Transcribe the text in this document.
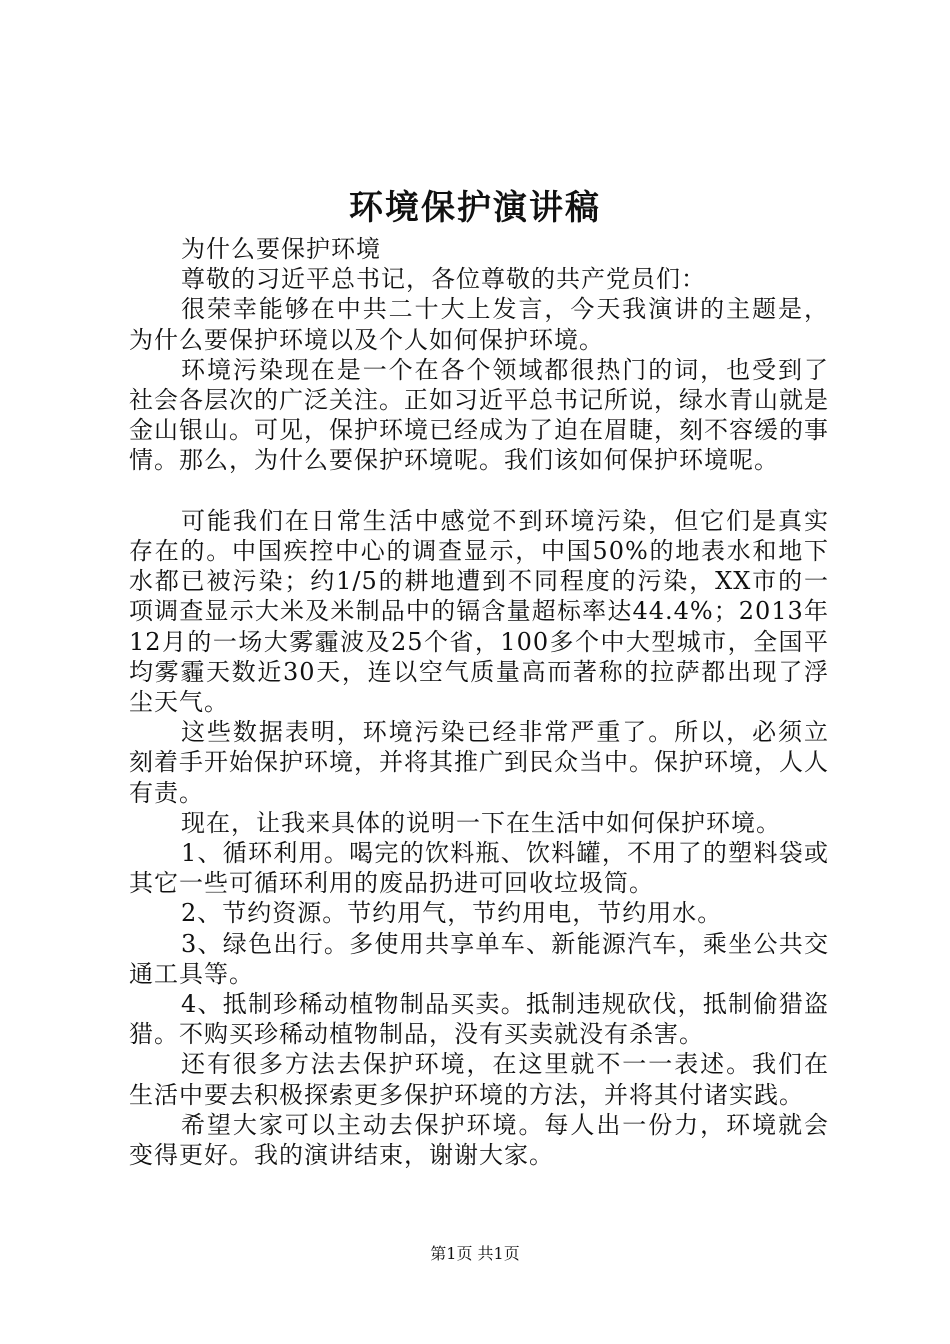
环境保护演讲稿

为什么要保护环境

尊敬的习近平总书记，各位尊敬的共产党员们：

很荣幸能够在中共二十大上发言，今天我演讲的主题是，为什么要保护环境以及个人如何保护环境。

环境污染现在是一个在各个领域都很热门的词，也受到了社会各层次的广泛关注。正如习近平总书记所说，绿水青山就是金山银山。可见，保护环境已经成为了迫在眉睫，刻不容缓的事情。那么，为什么要保护环境呢。我们该如何保护环境呢。

可能我们在日常生活中感觉不到环境污染，但它们是真实存在的。中国疾控中心的调查显示，中国50%的地表水和地下水都已被污染；约1/5的耕地遭到不同程度的污染，XX市的一项调查显示大米及米制品中的镉含量超标率达44.4%；2013年12月的一场大雾霾波及25个省，100多个中大型城市，全国平均雾霾天数近30天，连以空气质量高而著称的拉萨都出现了浮尘天气。

这些数据表明，环境污染已经非常严重了。所以，必须立刻着手开始保护环境，并将其推广到民众当中。保护环境，人人有责。

现在，让我来具体的说明一下在生活中如何保护环境。

1、循环利用。喝完的饮料瓶、饮料罐，不用了的塑料袋或其它一些可循环利用的废品扔进可回收垃圾筒。

2、节约资源。节约用气，节约用电，节约用水。

3、绿色出行。多使用共享单车、新能源汽车，乘坐公共交通工具等。

4、抵制珍稀动植物制品买卖。抵制违规砍伐，抵制偷猎盗猎。不购买珍稀动植物制品，没有买卖就没有杀害。

还有很多方法去保护环境，在这里就不一一表述。我们在生活中要去积极探索更多保护环境的方法，并将其付诸实践。

希望大家可以主动去保护环境。每人出一份力，环境就会变得更好。我的演讲结束，谢谢大家。

第1页 共1页
